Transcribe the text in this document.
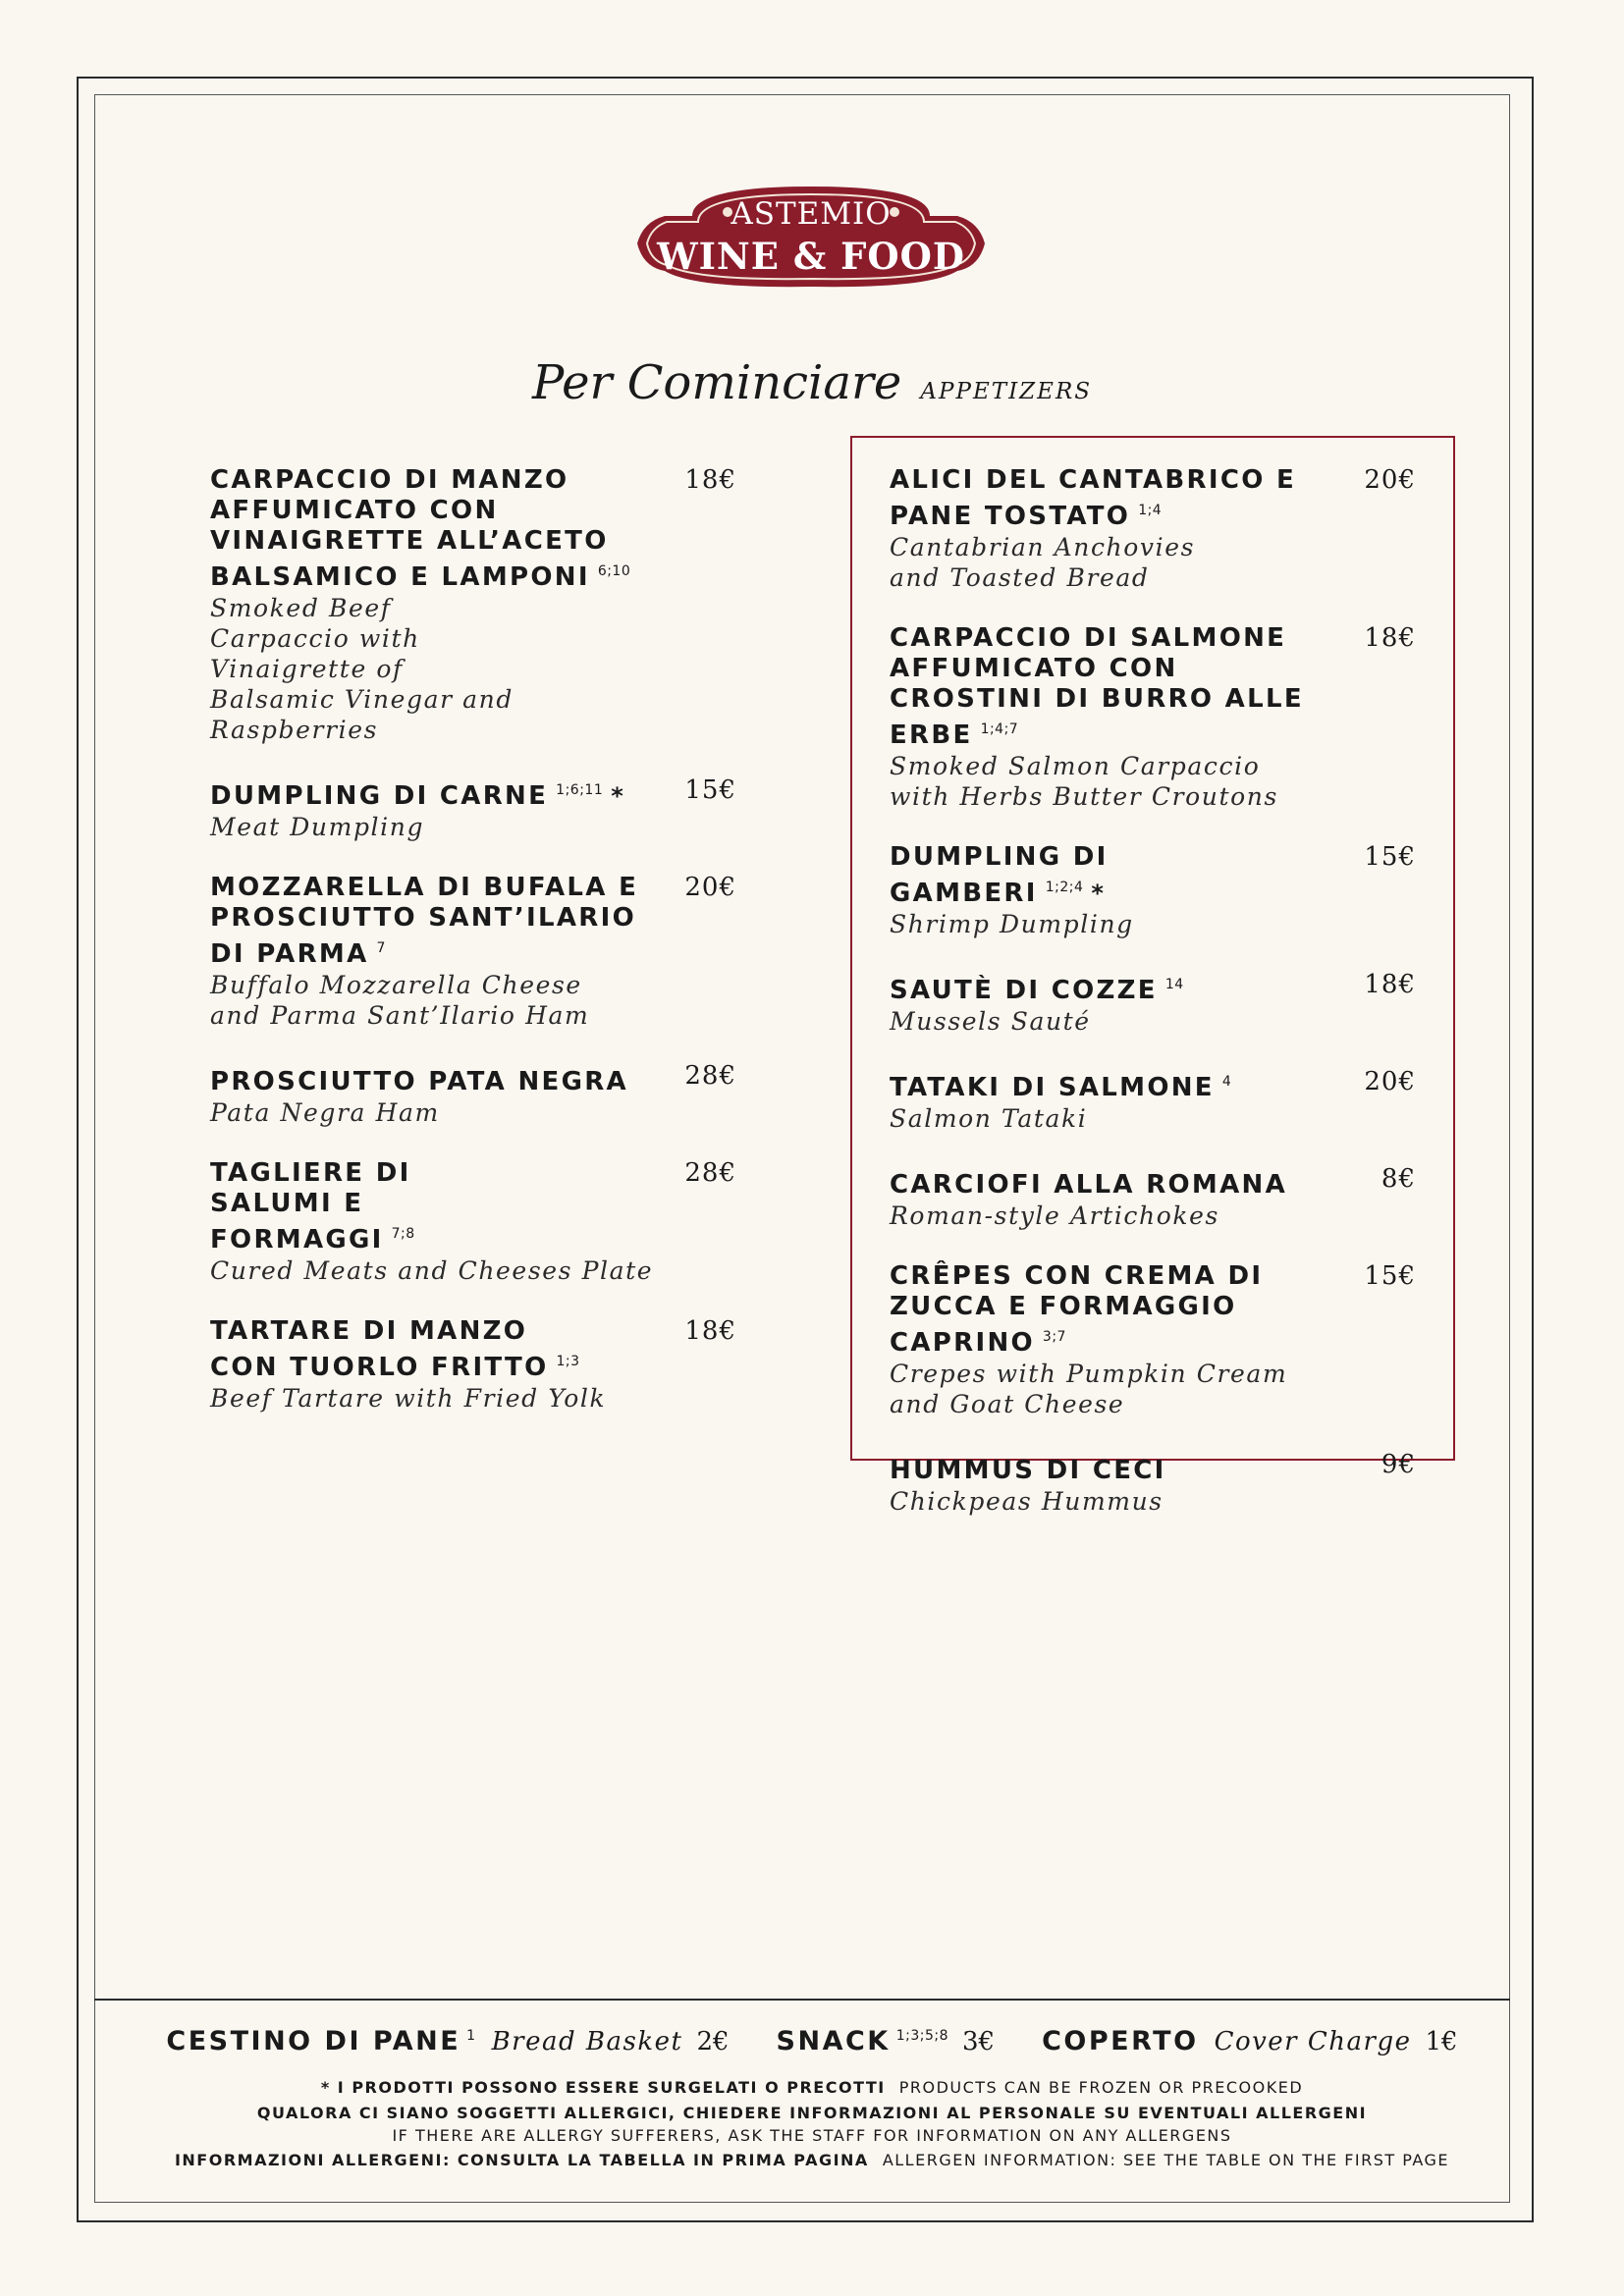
ASTEMIO
WINE & FOOD
Per Cominciare APPETIZERS
CARPACCIO DI MANZO AFFUMICATO CON VINAIGRETTE ALL’ACETO BALSAMICO E LAMPONI $^{6;10}$
Smoked Beef Carpaccio with Vinaigrette of Balsamic Vinegar and Raspberries
18€
DUMPLING DI CARNE $^{1;6;11}$ *
Meat Dumpling
15€
MOZZARELLA DI BUFALA E PROSCIUTTO SANT’ILARIO DI PARMA $^7$
Buffalo Mozzarella Cheese and Parma Sant’Ilario Ham
20€
PROSCIUTTO PATA NEGRA
Pata Negra Ham
28€
TAGLIERE DI SALUMI E FORMAGGI $^{7;8}$
Cured Meats and Cheeses Plate
28€
TARTARE DI MANZO CON TUORLO FRITTO $^{1;3}$
Beef Tartare with Fried Yolk
18€
ALICI DEL CANTABRICO E PANE TOSTATO $^{1;4}$
Cantabrian Anchovies and Toasted Bread
20€
CARPACCIO DI SALMONE AFFUMICATO CON CROSTINI DI BURRO ALLE ERBE $^{1;4;7}$
Smoked Salmon Carpaccio with Herbs Butter Croutons
18€
DUMPLING DI GAMBERI $^{1;2;4}$ *
Shrimp Dumpling
15€
SAUTÈ DI COZZE $^{14}$
Mussels Sauté
18€
TATAKI DI SALMONE $^4$
Salmon Tataki
20€
CARCIOFI ALLA ROMANA
Roman-style Artichokes
8€
CRÊPES CON CREMA DI ZUCCA E FORMAGGIO CAPRINO $^{3;7}$
Crepes with Pumpkin Cream and Goat Cheese
15€
HUMMUS DI CECI
Chickpeas Hummus
9€
CESTINO DI PANE 1 Bread Basket 2€ SNACK 1;3;5;8 3€ COPERTO Cover Charge 1€
* I PRODOTTI POSSONO ESSERE SURGELATI O PRECOTTI PRODUCTS CAN BE FROZEN OR PRECOOKED
QUALORA CI SIANO SOGGETTI ALLERGICI, CHIEDERE INFORMAZIONI AL PERSONALE SU EVENTUALI ALLERGENI
IF THERE ARE ALLERGY SUFFERERS, ASK THE STAFF FOR INFORMATION ON ANY ALLERGENS
INFORMAZIONI ALLERGENI: CONSULTA LA TABELLA IN PRIMA PAGINA ALLERGEN INFORMATION: SEE THE TABLE ON THE FIRST PAGE
